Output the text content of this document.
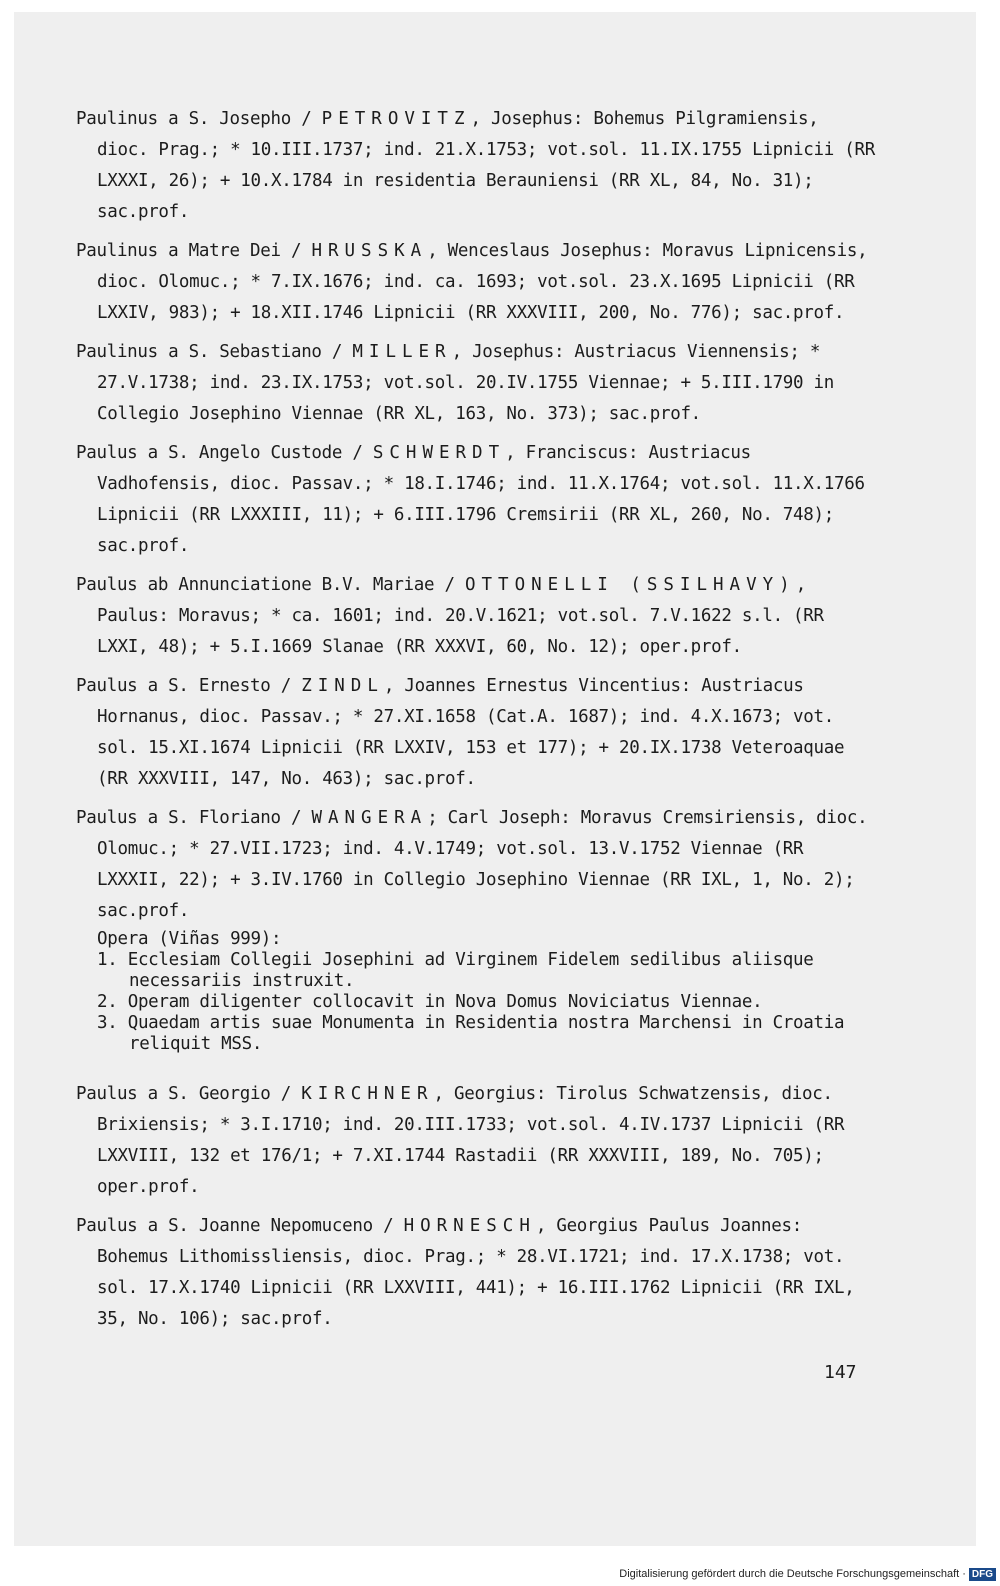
Paulinus a S. Josepho / PETROVITZ, Josephus: Bohemus Pilgramiensis, dioc. Prag.; * 10.III.1737; ind. 21.X.1753; vot.sol. 11.IX.1755 Lipnicii (RR LXXXI, 26); + 10.X.1784 in residentia Berauniensi (RR XL, 84, No. 31); sac.prof.

Paulinus a Matre Dei / HRUSSKA, Wenceslaus Josephus: Moravus Lipnicensis, dioc. Olomuc.; * 7.IX.1676; ind. ca. 1693; vot.sol. 23.X.1695 Lipnicii (RR LXXIV, 983); + 18.XII.1746 Lipnicii (RR XXXVIII, 200, No. 776); sac.prof.

Paulinus a S. Sebastiano / MILLER, Josephus: Austriacus Viennensis; * 27.V.1738; ind. 23.IX.1753; vot.sol. 20.IV.1755 Viennae; + 5.III.1790 in Collegio Josephino Viennae (RR XL, 163, No. 373); sac.prof.

Paulus a S. Angelo Custode / SCHWERDT, Franciscus: Austriacus Vadhofensis, dioc. Passav.; * 18.I.1746; ind. 11.X.1764; vot.sol. 11.X.1766 Lipnicii (RR LXXXIII, 11); + 6.III.1796 Cremsirii (RR XL, 260, No. 748); sac.prof.

Paulus ab Annunciatione B.V. Mariae / OTTONELLI (SSILHAVY), Paulus: Moravus; * ca. 1601; ind. 20.V.1621; vot.sol. 7.V.1622 s.l. (RR LXXI, 48); + 5.I.1669 Slanae (RR XXXVI, 60, No. 12); oper.prof.

Paulus a S. Ernesto / ZINDL, Joannes Ernestus Vincentius: Austriacus Hornanus, dioc. Passav.; * 27.XI.1658 (Cat.A. 1687); ind. 4.X.1673; vot. sol. 15.XI.1674 Lipnicii (RR LXXIV, 153 et 177); + 20.IX.1738 Veteroaquae (RR XXXVIII, 147, No. 463); sac.prof.

Paulus a S. Floriano / WANGERA; Carl Joseph: Moravus Cremsiriensis, dioc. Olomuc.; * 27.VII.1723; ind. 4.V.1749; vot.sol. 13.V.1752 Viennae (RR LXXXII, 22); + 3.IV.1760 in Collegio Josephino Viennae (RR IXL, 1, No. 2); sac.prof.

Opera (Viñas 999):
1. Ecclesiam Collegii Josephini ad Virginem Fidelem sedilibus aliisque necessariis instruxit.
2. Operam diligenter collocavit in Nova Domus Noviciatus Viennae.
3. Quaedam artis suae Monumenta in Residentia nostra Marchensi in Croatia reliquit MSS.

Paulus a S. Georgio / KIRCHNER, Georgius: Tirolus Schwatzensis, dioc. Brixiensis; * 3.I.1710; ind. 20.III.1733; vot.sol. 4.IV.1737 Lipnicii (RR LXXVIII, 132 et 176/1; + 7.XI.1744 Rastadii (RR XXXVIII, 189, No. 705); oper.prof.

Paulus a S. Joanne Nepomuceno / HORNESCH, Georgius Paulus Joannes: Bohemus Lithomissliensis, dioc. Prag.; * 28.VI.1721; ind. 17.X.1738; vot. sol. 17.X.1740 Lipnicii (RR LXXVIII, 441); + 16.III.1762 Lipnicii (RR IXL, 35, No. 106); sac.prof.

147
Digitalisierung gefördert durch die Deutsche Forschungsgemeinschaft · DFG
